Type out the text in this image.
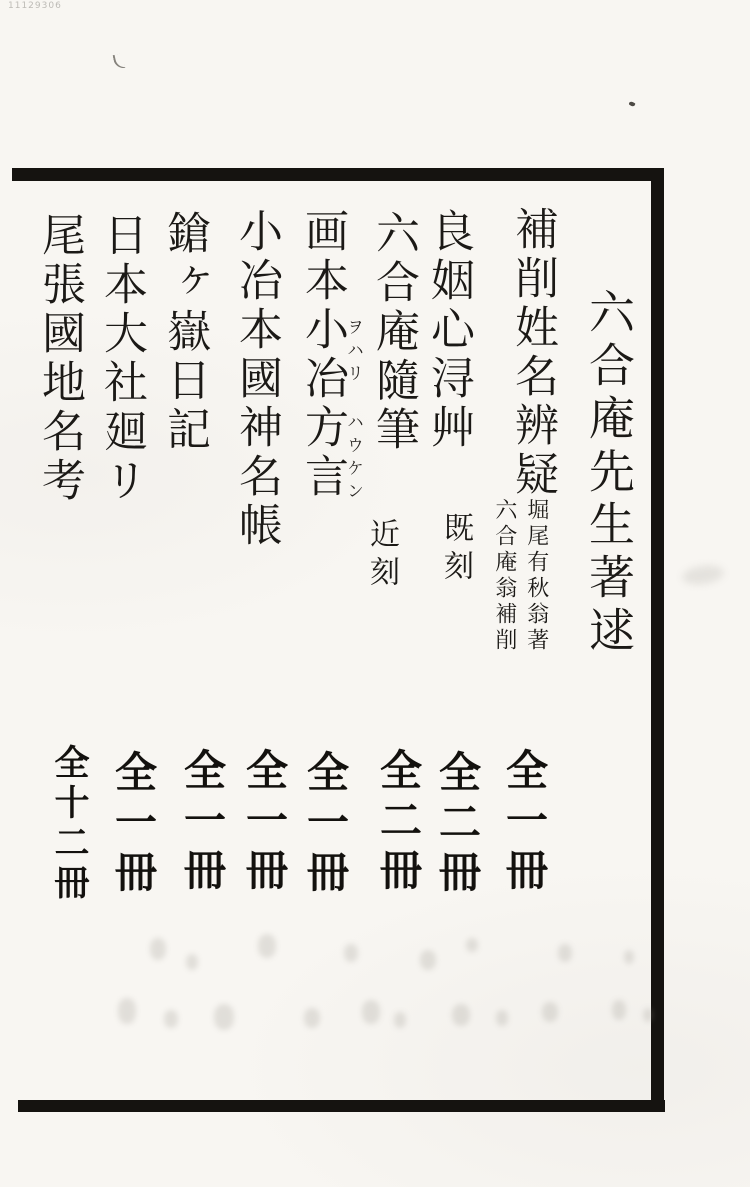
11129306
六合庵先生著逑
補削姓名辨疑
堀尾有秋翁著
六合庵翁補削
良姻心浔艸
既刻
六合庵隨筆
近刻
画本小冶方言
ヲハリ ハウケン
小冶本國神名帳
鎗ヶ嶽日記
日本大社廻リ
尾張國地名考
全一冊
全二冊
全二冊
全一冊
全一冊
全一冊
全一冊
全十二冊
